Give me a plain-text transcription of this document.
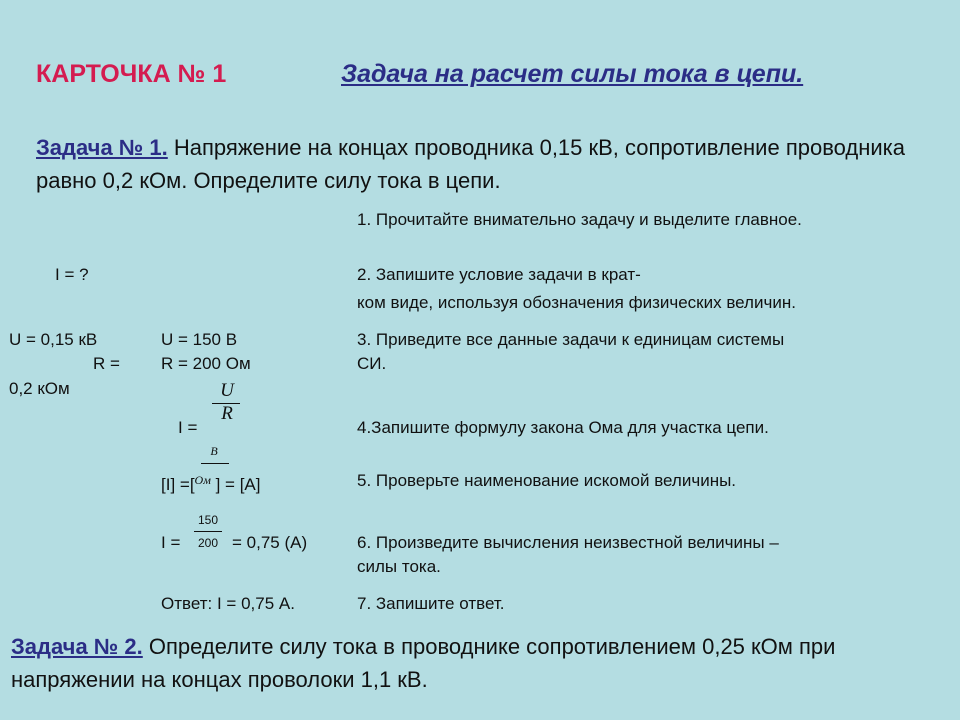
КАРТОЧКА № 1	Задача на расчет силы тока в цепи.
Задача № 1. Напряжение на концах проводника 0,15 кВ, сопротивление проводника равно 0,2 кОм. Определите силу тока в цепи.
I = ?
U = 0,15 кВ
R =
0,2 кОм
U = 150 В
R = 200 Ом
I =
U
R
В
[I] =[$^{Ом}$ ] = [A]
I =
150
200 = 0,75 (А)
Ответ: I = 0,75 А.
1. Прочитайте внимательно задачу и выделите главное.
2. Запишите условие задачи в крат-
ком виде, используя обозначения физических величин.
3. Приведите все данные задачи к единицам системы
СИ.
4.Запишите формулу закона Ома для участка цепи.
5. Проверьте наименование искомой величины.
6. Произведите вычисления неизвестной величины –
силы тока.
7. Запишите ответ.
Задача № 2. Определите силу тока в проводнике сопротивлением 0,25 кОм при напряжении на концах проволоки 1,1 кВ.
